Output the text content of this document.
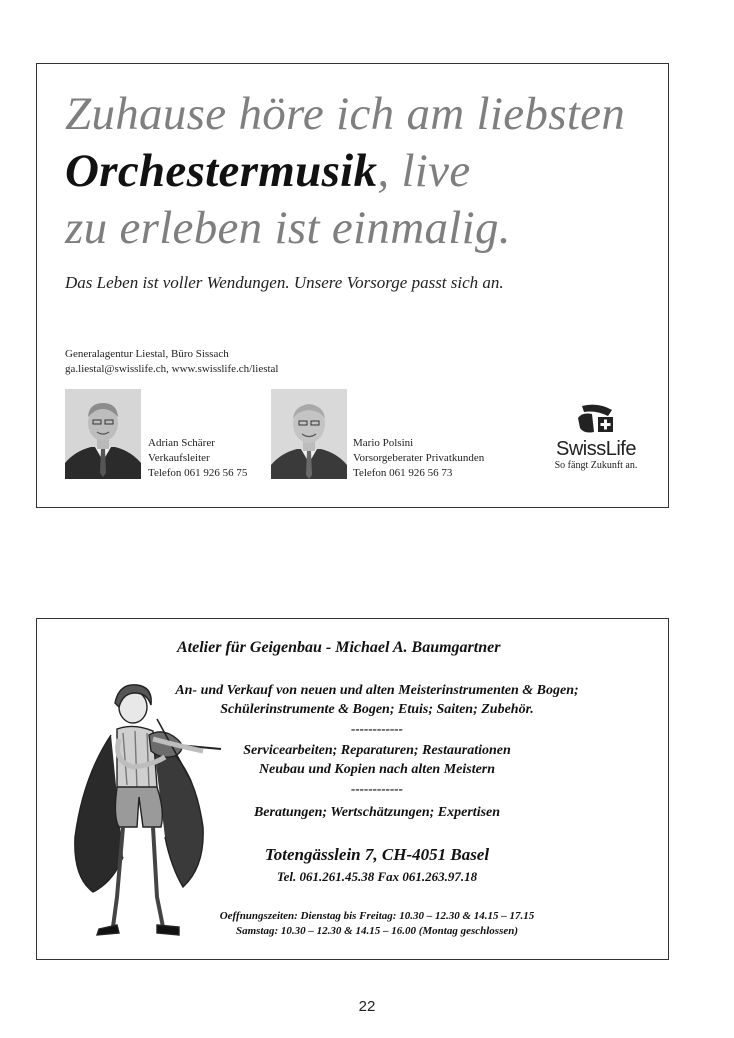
Zuhause höre ich am liebsten
Orchestermusik, live
zu erleben ist einmalig.
Das Leben ist voller Wendungen. Unsere Vorsorge passt sich an.
Generalagentur Liestal, Büro Sissach
ga.liestal@swisslife.ch, www.swisslife.ch/liestal
Adrian Schärer
Verkaufsleiter
Telefon 061 926 56 75
Mario Polsini
Vorsorgeberater Privatkunden
Telefon 061 926 56 73
SwissLife
So fängt Zukunft an.
Atelier für Geigenbau - Michael A. Baumgartner
An- und Verkauf von neuen und alten Meisterinstrumenten & Bogen;
Schülerinstrumente & Bogen; Etuis; Saiten; Zubehör.
------------
Servicearbeiten; Reparaturen; Restaurationen
Neubau und Kopien nach alten Meistern
------------
Beratungen; Wertschätzungen; Expertisen
Totengässlein 7, CH-4051 Basel
Tel. 061.261.45.38 Fax 061.263.97.18
Oeffnungszeiten: Dienstag bis Freitag: 10.30 – 12.30 & 14.15 – 17.15
Samstag: 10.30 – 12.30 & 14.15 – 16.00 (Montag geschlossen)
22
